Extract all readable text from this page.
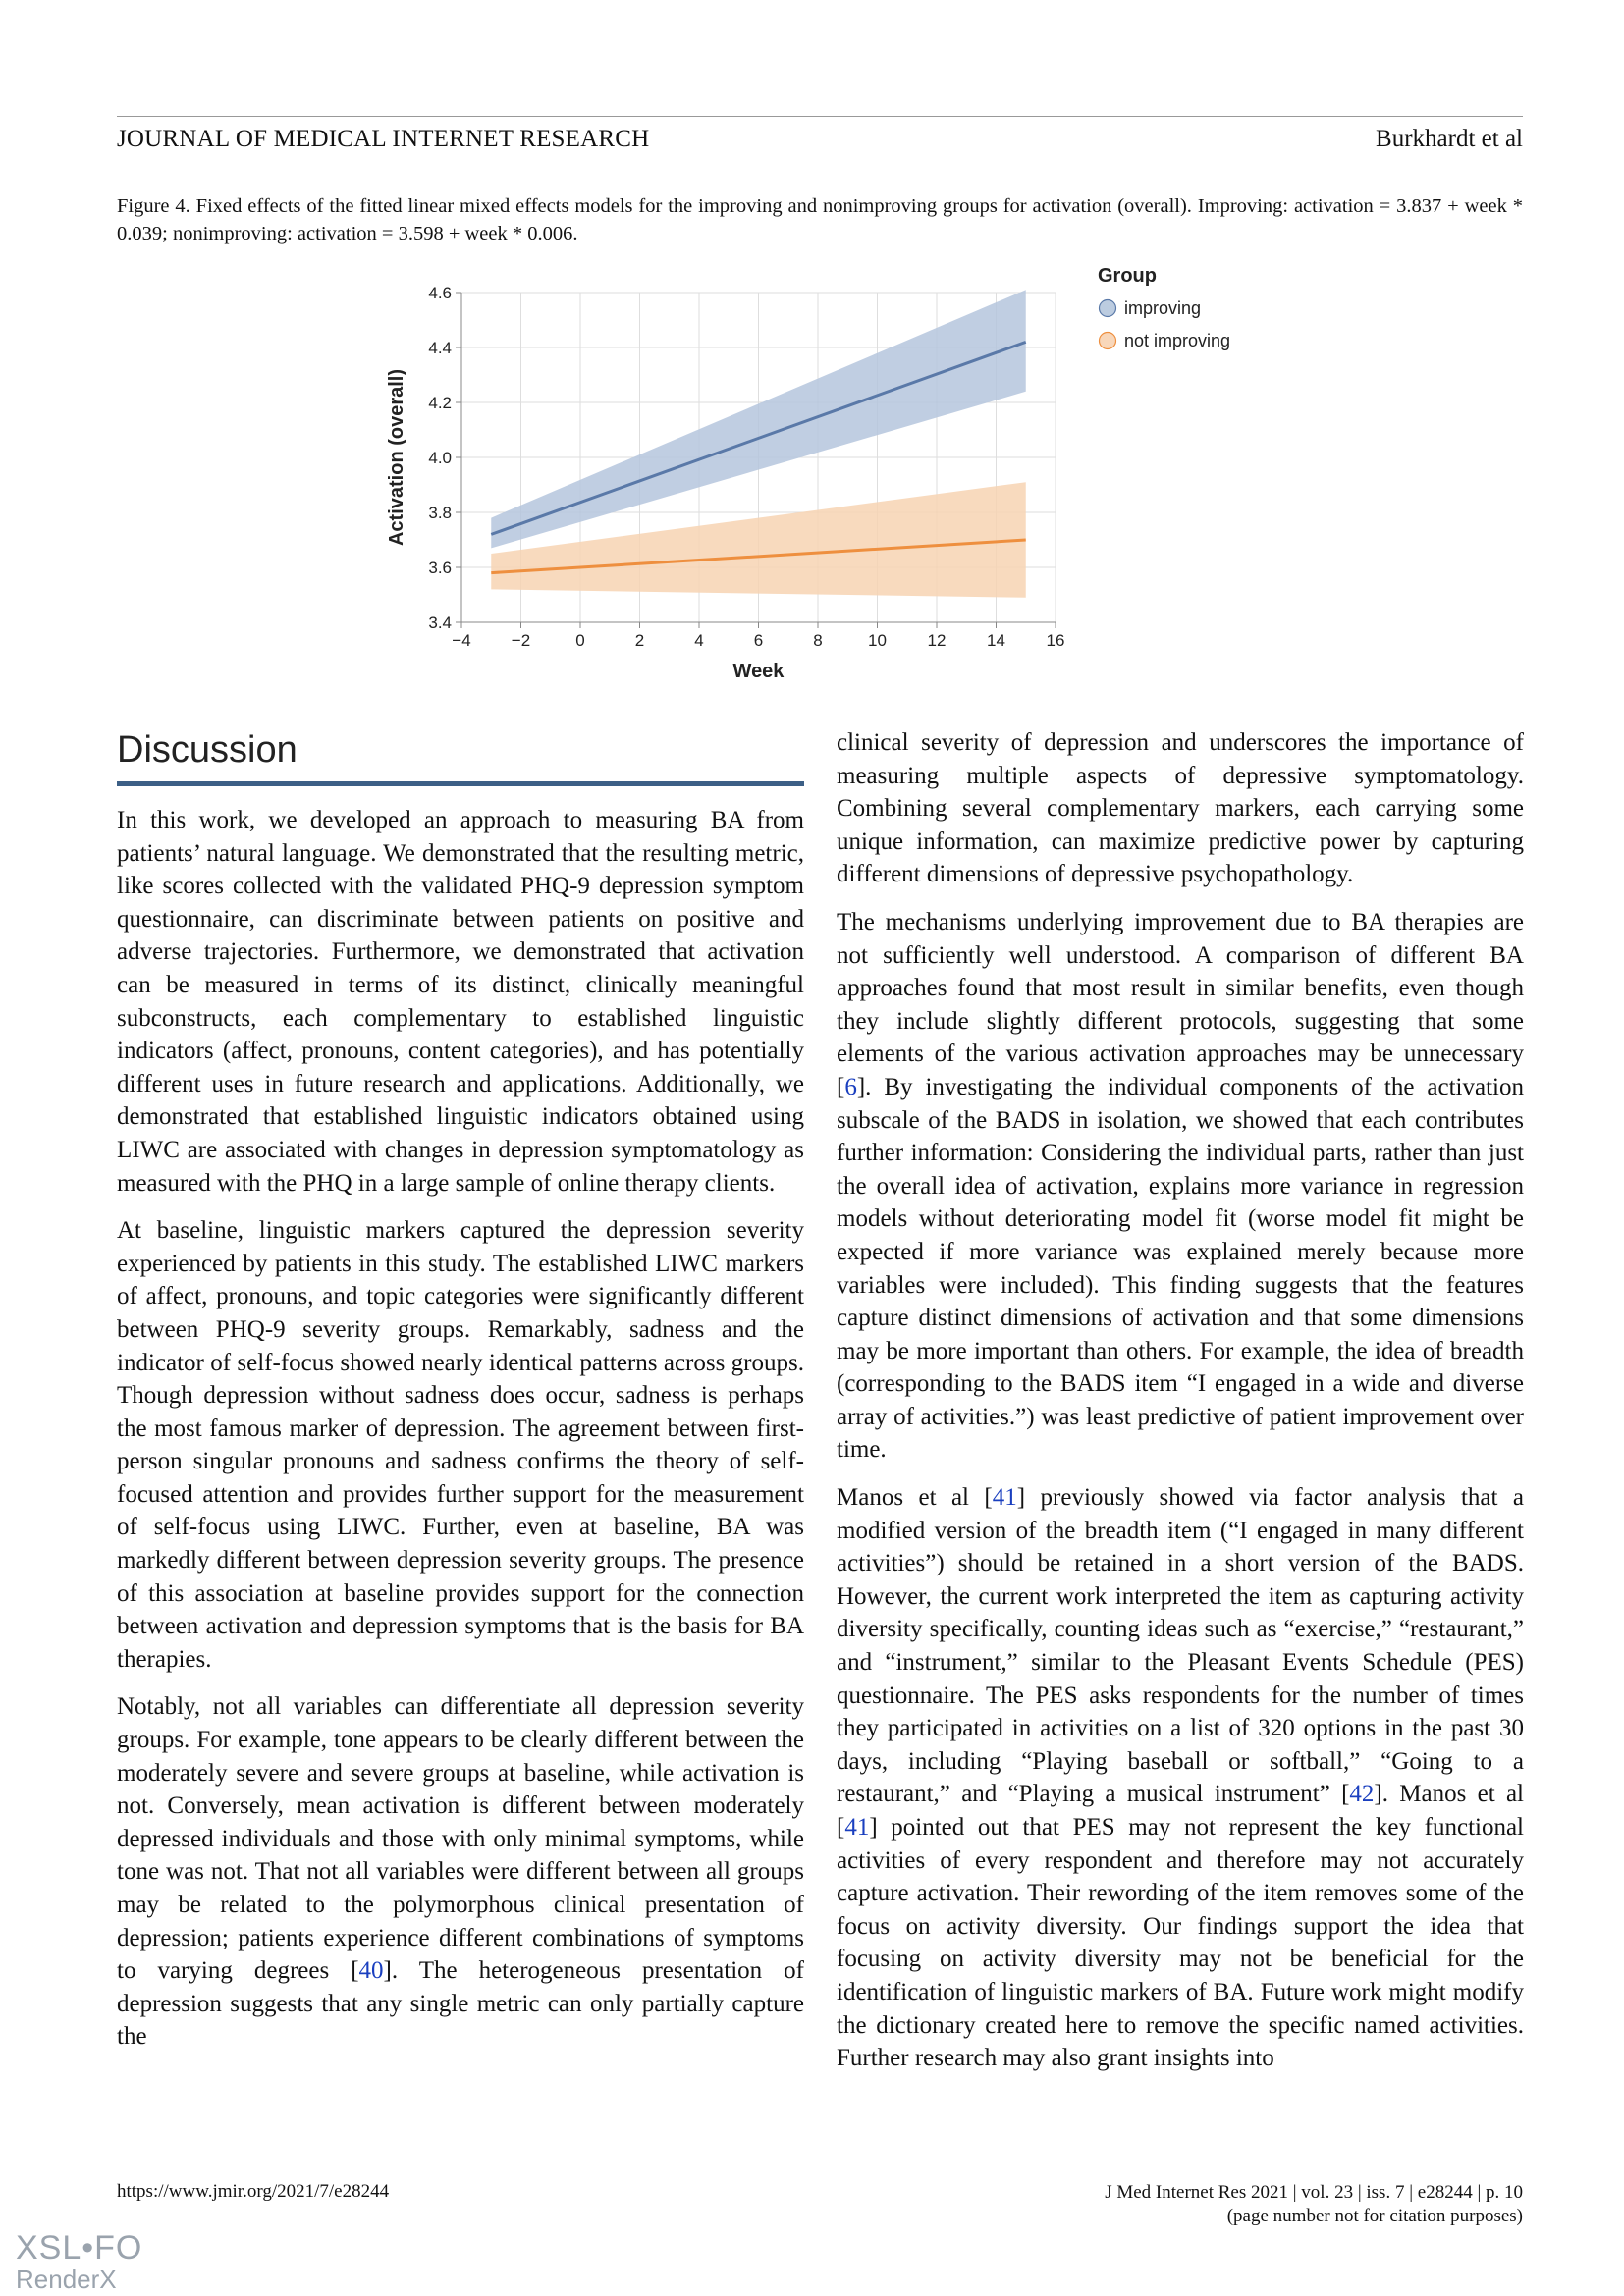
JOURNAL OF MEDICAL INTERNET RESEARCH	Burkhardt et al
Figure 4. Fixed effects of the fitted linear mixed effects models for the improving and nonimproving groups for activation (overall). Improving: activation = 3.837 + week * 0.039; nonimproving: activation = 3.598 + week * 0.006.
−4 −2	0	2	4	6	8	10 12 14 16
3.4
3.6
3.8
4.0
4.2
4.4
4.6
Week
Activation (overall)
Group
improving
not improving
Discussion

In this work, we developed an approach to measuring BA from patients’ natural language. We demonstrated that the resulting metric, like scores collected with the validated PHQ-9 depression symptom questionnaire, can discriminate between patients on positive and adverse trajectories. Furthermore, we demonstrated that activation can be measured in terms of its distinct, clinically meaningful subconstructs, each complementary to established linguistic indicators (affect, pronouns, content categories), and has potentially different uses in future research and applications. Additionally, we demonstrated that established linguistic indicators obtained using LIWC are associated with changes in depression symptomatology as measured with the PHQ in a large sample of online therapy clients.

At baseline, linguistic markers captured the depression severity experienced by patients in this study. The established LIWC markers of affect, pronouns, and topic categories were significantly different between PHQ-9 severity groups. Remarkably, sadness and the indicator of self-focus showed nearly identical patterns across groups. Though depression without sadness does occur, sadness is perhaps the most famous marker of depression. The agreement between first-person singular pronouns and sadness confirms the theory of self-focused attention and provides further support for the measurement of self-focus using LIWC. Further, even at baseline, BA was markedly different between depression severity groups. The presence of this association at baseline provides support for the connection between activation and depression symptoms that is the basis for BA therapies.

Notably, not all variables can differentiate all depression severity groups. For example, tone appears to be clearly different between the moderately severe and severe groups at baseline, while activation is not. Conversely, mean activation is different between moderately depressed individuals and those with only minimal symptoms, while tone was not. That not all variables were different between all groups may be related to the polymorphous clinical presentation of depression; patients experience different combinations of symptoms to varying degrees [40]. The heterogeneous presentation of depression suggests that any single metric can only partially capture the

clinical severity of depression and underscores the importance of measuring multiple aspects of depressive symptomatology. Combining several complementary markers, each carrying some unique information, can maximize predictive power by capturing different dimensions of depressive psychopathology.

The mechanisms underlying improvement due to BA therapies are not sufficiently well understood. A comparison of different BA approaches found that most result in similar benefits, even though they include slightly different protocols, suggesting that some elements of the various activation approaches may be unnecessary [6]. By investigating the individual components of the activation subscale of the BADS in isolation, we showed that each contributes further information: Considering the individual parts, rather than just the overall idea of activation, explains more variance in regression models without deteriorating model fit (worse model fit might be expected if more variance was explained merely because more variables were included). This finding suggests that the features capture distinct dimensions of activation and that some dimensions may be more important than others. For example, the idea of breadth (corresponding to the BADS item “I engaged in a wide and diverse array of activities.”) was least predictive of patient improvement over time.

Manos et al [41] previously showed via factor analysis that a modified version of the breadth item (“I engaged in many different activities”) should be retained in a short version of the BADS. However, the current work interpreted the item as capturing activity diversity specifically, counting ideas such as “exercise,” “restaurant,” and “instrument,” similar to the Pleasant Events Schedule (PES) questionnaire. The PES asks respondents for the number of times they participated in activities on a list of 320 options in the past 30 days, including “Playing baseball or softball,” “Going to a restaurant,” and “Playing a musical instrument” [42]. Manos et al [41] pointed out that PES may not represent the key functional activities of every respondent and therefore may not accurately capture activation. Their rewording of the item removes some of the focus on activity diversity. Our findings support the idea that focusing on activity diversity may not be beneficial for the identification of linguistic markers of BA. Future work might modify the dictionary created here to remove the specific named activities. Further research may also grant insights into

https://www.jmir.org/2021/7/e28244	J Med Internet Res 2021 | vol. 23 | iss. 7 | e28244 | p. 10
(page number not for citation purposes)
XSL•FO
RenderX
